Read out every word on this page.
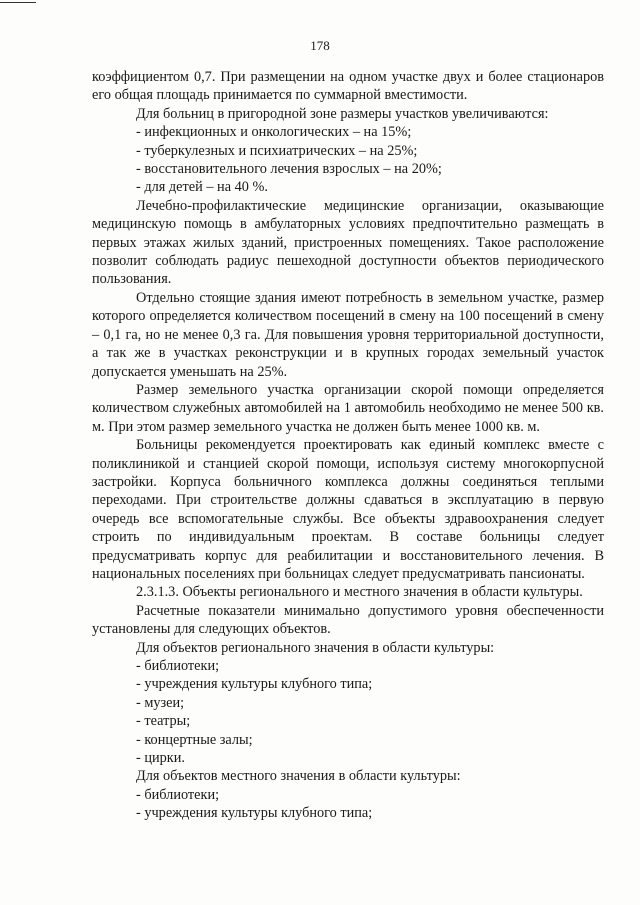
178

коэффициентом 0,7. При размещении на одном участке двух и более стационаров его общая площадь принимается по суммарной вместимости.

Для больниц в пригородной зоне размеры участков увеличиваются:

- инфекционных и онкологических – на 15%;

- туберкулезных и психиатрических – на 25%;

- восстановительного лечения взрослых – на 20%;

- для детей – на 40 %.

Лечебно-профилактические медицинские организации, оказывающие медицинскую помощь в амбулаторных условиях предпочтительно размещать в первых этажах жилых зданий, пристроенных помещениях. Такое расположение позволит соблюдать радиус пешеходной доступности объектов периодического пользования.

Отдельно стоящие здания имеют потребность в земельном участке, размер которого определяется количеством посещений в смену на 100 посещений в смену – 0,1 га, но не менее 0,3 га. Для повышения уровня территориальной доступности, а так же в участках реконструкции и в крупных городах земельный участок допускается уменьшать на 25%.

Размер земельного участка организации скорой помощи определяется количеством служебных автомобилей на 1 автомобиль необходимо не менее 500 кв. м. При этом размер земельного участка не должен быть менее 1000 кв. м.

Больницы рекомендуется проектировать как единый комплекс вместе с поликлиникой и станцией скорой помощи, используя систему многокорпусной застройки. Корпуса больничного комплекса должны соединяться теплыми переходами. При строительстве должны сдаваться в эксплуатацию в первую очередь все вспомогательные службы. Все объекты здравоохранения следует строить по индивидуальным проектам. В составе больницы следует предусматривать корпус для реабилитации и восстановительного лечения. В национальных поселениях при больницах следует предусматривать пансионаты.

2.3.1.3. Объекты регионального и местного значения в области культуры.

Расчетные показатели минимально допустимого уровня обеспеченности установлены для следующих объектов.

Для объектов регионального значения в области культуры:

- библиотеки;

- учреждения культуры клубного типа;

- музеи;

- театры;

- концертные залы;

- цирки.

Для объектов местного значения в области культуры:

- библиотеки;

- учреждения культуры клубного типа;
